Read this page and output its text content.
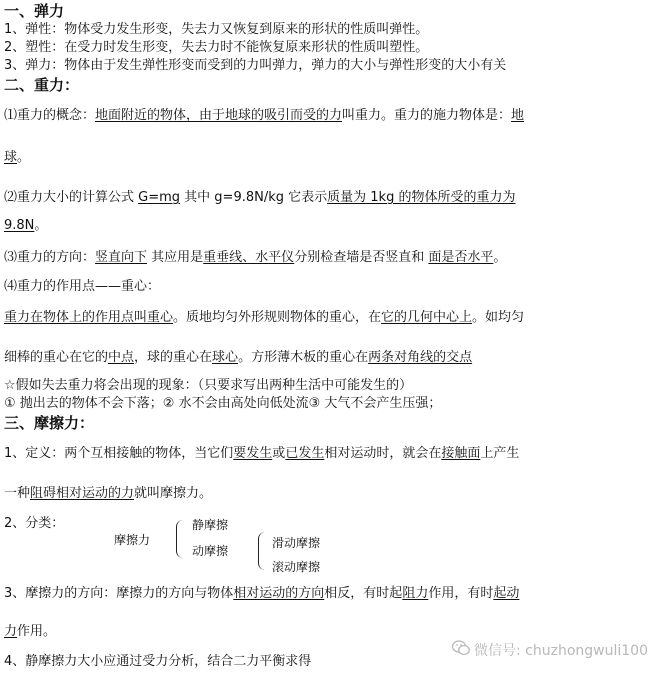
一、弹力
1、弹性：物体受力发生形变，失去力又恢复到原来的形状的性质叫弹性。
2、塑性：在受力时发生形变，失去力时不能恢复原来形状的性质叫塑性。
3、弹力：物体由于发生弹性形变而受到的力叫弹力，弹力的大小与弹性形变的大小有关
二、重力：
⑴重力的概念：地面附近的物体，由于地球的吸引而受的力叫重力。重力的施力物体是：地
球。
⑵重力大小的计算公式 G=mg 其中 g=9.8N/kg 它表示质量为 1kg 的物体所受的重力为
9.8N。
⑶重力的方向：竖直向下 其应用是重垂线、水平仪分别检查墙是否竖直和 面是否水平。
⑷重力的作用点——重心：
重力在物体上的作用点叫重心。质地均匀外形规则物体的重心，在它的几何中心上。如均匀
细棒的重心在它的中点，球的重心在球心。方形薄木板的重心在两条对角线的交点
☆假如失去重力将会出现的现象：（只要求写出两种生活中可能发生的）
① 抛出去的物体不会下落；② 水不会由高处向低处流③ 大气不会产生压强；
三、摩擦力：
1、定义：两个互相接触的物体，当它们要发生或已发生相对运动时，就会在接触面上产生
一种阻碍相对运动的力就叫摩擦力。
2、分类：
摩擦力
静摩擦
动摩擦
滑动摩擦
滚动摩擦
3、摩擦力的方向：摩擦力的方向与物体相对运动的方向相反，有时起阻力作用，有时起动
力作用。
4、静摩擦力大小应通过受力分析，结合二力平衡求得
微信号: chuzhongwuli100
